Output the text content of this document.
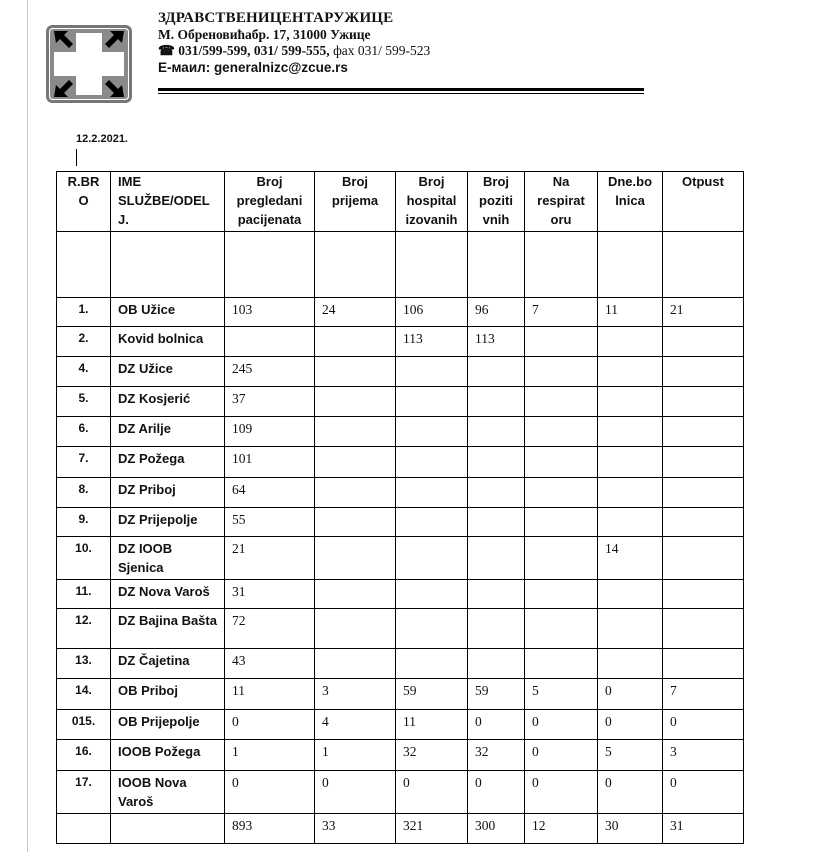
ЗДРАВСТВЕНИЦЕНТАРУЖИЦЕ
М. Обреновићабр. 17, 31000 Ужице
☎ 031/599-599, 031/ 599-555, фах 031/ 599-523
Е-маил: generalnizc@zcue.rs
12.2.2021.
R.BR O	IME SLUŽBE/ODEL J.	Broj pregledani pacijenata	Broj prijema	Broj hospital izovanih	Broj poziti vnih	Na respirat oru	Dne.bo lnica	Otpust

1.	OB Užice	103	24	106	96	7	11	21
2.	Kovid bolnica			113	113			
4.	DZ Užice	245						
5.	DZ Kosjerić	37						
6.	DZ Arilje	109						
7.	DZ Požega	101						
8.	DZ Priboj	64						
9.	DZ Prijepolje	55						
10.	DZ IOOB Sjenica	21					14	
11.	DZ Nova Varoš	31						
12.	DZ Bajina Bašta	72						
13.	DZ Čajetina	43						
14.	OB Priboj	11	3	59	59	5	0	7
015.	OB Prijepolje	0	4	11	0	0	0	0
16.	IOOB Požega	1	1	32	32	0	5	3
17.	IOOB Nova Varoš	0	0	0	0	0	0	0
		893	33	321	300	12	30	31
